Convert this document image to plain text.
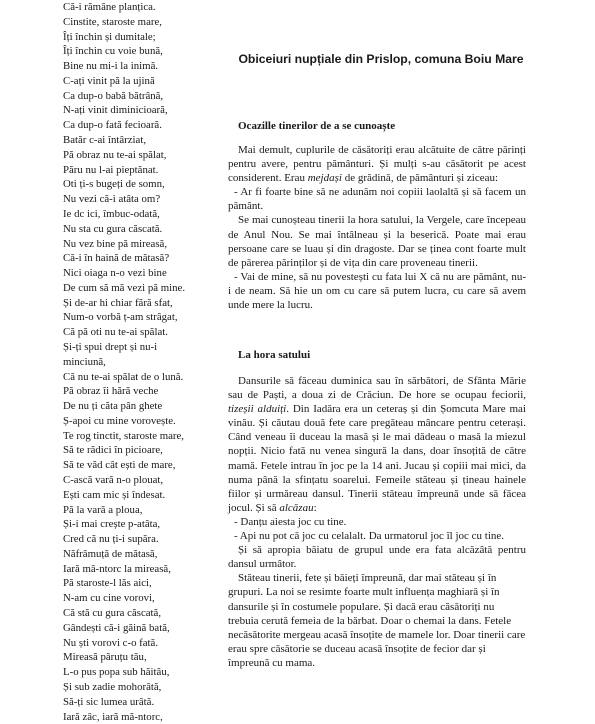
Că-i rămâne planțica.
Cinstite, staroste mare,
Îți închin și dumitale;
Îți închin cu voie bună,
Bine nu mi-i la inimă.
C-ați vinit pă la ujină
Ca dup-o babă bătrână,
N-ați vinit diminicioară,
Ca dup-o fată fecioară.
Batăr c-ai întârziat,
Pă obraz nu te-ai spălat,
Păru nu l-ai pieptănat.
Oti ți-s bugeți de somn,
Nu vezi că-i atâta om?
Ie dc ici, îmbuc-odată,
Nu sta cu gura căscată.
Nu vez bine pă mireasă,
Că-i în haină de mătasă?
Nici oiaga n-o vezi bine
De cum să mă vezi pă mine.
Și de-ar hi chiar fără sfat,
Num-o vorbă ț-am strâgat,
Că pă oti nu te-ai spălat.
Și-ți spui drept și nu-i
minciună,
Că nu te-ai spălat de o lună.
Pă obraz îi hără veche
De nu ți căta pân ghete
Ș-apoi cu mine vorovește.
Te rog tinctit, staroste mare,
Să te rădici în picioare,
Să te văd cât ești de mare,
C-ască vară n-o plouat,
Ești cam mic și îndesat.
Pă la vară a ploua,
Și-i mai crește p-atâta,
Cred că nu ți-i supăra.
Năfrâmuță de mătasă,
Iară mâ-ntorc la mireasă,
Pă staroste-l lăs aici,
N-am cu cine vorovi,
Că stă cu gura căscată,
Gândești că-i găină bată,
Nu ști vorovi c-o fată.
Mireasă păruțu tău,
L-o pus popa sub hăitău,
Și sub zadie mohorâtă,
Să-ți sic lumea urâtă.
Iară zâc, iară mă-ntorc,
Obiceiuri nupțiale din Prislop, comuna Boiu Mare
Ocazille tinerilor de a se cunoaște

Mai demult, cuplurile de căsătoriți erau alcătuite de către părinți pentru avere, pentru pământuri. Și mulți s-au căsătorit pe acest considerent. Erau mejdași de grădină, de pământuri și ziceau:

- Ar fi foarte bine să ne adunăm noi copiii laolaltă și să facem un pământ.

Se mai cunoșteau tinerii la hora satului, la Vergele, care începeau de Anul Nou. Se mai întâlneau și la beserică. Poate mai erau persoane care se luau și din dragoste. Dar se ținea cont foarte mult de părerea părinților și de vița din care proveneau tinerii.

- Vai de mine, să nu povestești cu fata lui X că nu are pământ, nu-i de neam. Să hie un om cu care să putem lucra, cu care să avem unde mere la lucru.

La hora satului

Dansurile să făceau duminica sau în sărbători, de Sfânta Mărie sau de Paști, a doua zi de Crăciun. De hore se ocupau feciorii, tizeșii alduiți. Din Iadăra era un ceteraș și din Șomcuta Mare mai vinău. Și căutau două fete care pregăteau mâncare pentru ceterași. Când veneau îi duceau la masă și le mai dădeau o masă la miezul nopții. Nicio fată nu venea singură la dans, doar însoțită de către mamă. Fetele intrau în joc pe la 14 ani. Jucau și copiii mai mici, da numa până la sfințatu soarelui. Femeile stăteau și țineau hainele fiilor și urmăreau dansul. Tinerii stăteau împreună unde să făcea jocul. Și să alcăzau:

- Danțu aiesta joc cu tine.

- Api nu pot că joc cu celalalt. Da urmatorul joc îl joc cu tine.

Și să apropia băiatu de grupul unde era fata alcăzâtă pentru dansul urmâtor.

Stăteau tinerii, fete și băieți împreună, dar mai stăteau și în grupuri. La noi se resimte foarte mult influența maghiară și în dansurile și în costumele populare. Și dacă erau căsătoriți nu trebuia cerută femeia de la bărbat. Doar o chemai la dans. Fetele necăsătorite mergeau acasă însoțite de mamele lor. Doar tinerii care erau spre căsătorie se duceau acasă însoțite de fecior dar și împreună cu mama.
